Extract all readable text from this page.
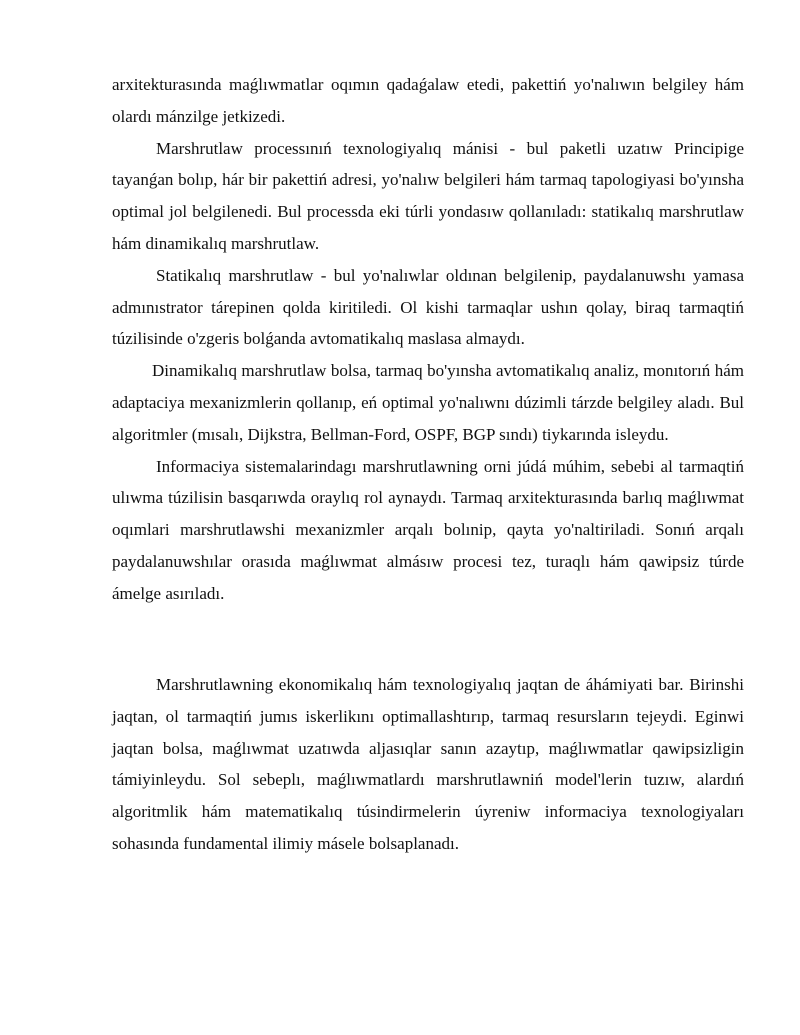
arxitekturasında maǵlıwmatlar oqımın qadaǵalaw etedi, pakettiń yo'nalıwın belgiley hám olardı mánzilge jetkizedi.

Marshrutlaw processınıń texnologiyalıq mánisi - bul paketli uzatıw Principige tayanǵan bolıp, hár bir pakettiń adresi, yo'nalıw belgileri hám tarmaq tapologiyasi bo'yınsha optimal jol belgilenedi. Bul processda eki túrli yondasıw qollanıladı: statikalıq marshrutlaw hám dinamikalıq marshrutlaw.

Statikalıq marshrutlaw - bul yo'nalıwlar oldınan belgilenip, paydalanuwshı yamasa admınıstrator tárepinen qolda kiritiledi. Ol kishi tarmaqlar ushın qolay, biraq tarmaqtiń túzilisinde o'zgeris bolǵanda avtomatikalıq maslasa almaydı.

Dinamikalıq marshrutlaw bolsa, tarmaq bo'yınsha avtomatikalıq analiz, monıtorıń hám adaptaciya mexanizmlerin qollanıp, eń optimal yo'nalıwnı dúzimli tárzde belgiley aladı. Bul algoritmler (mısalı, Dijkstra, Bellman-Ford, OSPF, BGP sındı) tiykarında isleydu.

Informaciya sistemalarindagı marshrutlawning orni júdá múhim, sebebi al tarmaqtiń ulıwma túzilisin basqarıwda oraylıq rol aynaydı. Tarmaq arxitekturasında barlıq maǵlıwmat oqımlari marshrutlawshi mexanizmler arqalı bolınip, qayta yo'naltiriladi. Sonıń arqalı paydalanuwshılar orasıda maǵlıwmat almásıw procesi tez, turaqlı hám qawipsiz túrde ámelge asırıladı.

Marshrutlawning ekonomikalıq hám texnologiyalıq jaqtan de áhámiyati bar. Birinshi jaqtan, ol tarmaqtiń jumıs iskerlikını optimallashtırıp, tarmaq resursların tejeydi. Eginwi jaqtan bolsa, maǵlıwmat uzatıwda aljasıqlar sanın azaytıp, maǵlıwmatlar qawipsizligin támiyinleydu. Sol sebeplı, maǵlıwmatlardı marshrutlawniń model'lerin tuzıw, alardıń algoritmlik hám matematikalıq túsindirmelerin úyreniw informaciya texnologiyaları sohasında fundamental ilimiy másele bolsaplanadı.
